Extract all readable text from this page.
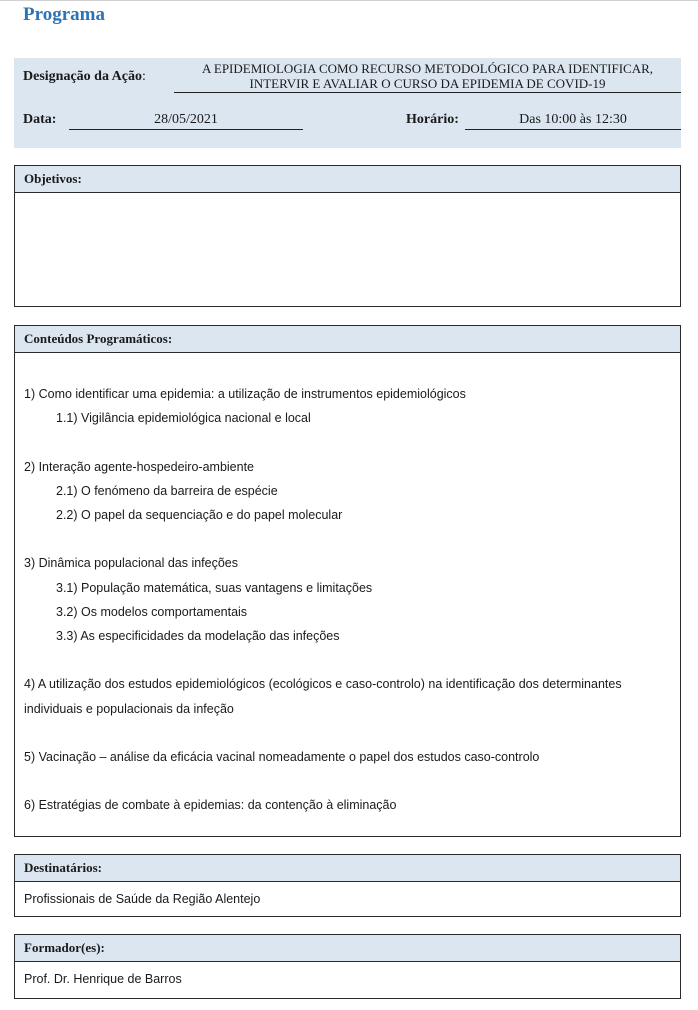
Programa
Designação da Ação:
A EPIDEMIOLOGIA COMO RECURSO METODOLÓGICO PARA IDENTIFICAR,
INTERVIR E AVALIAR O CURSO DA EPIDEMIA DE COVID-19
Data:	28/05/2021	Horário:	Das 10:00 às 12:30
Objetivos:
Conteúdos Programáticos:
1) Como identificar uma epidemia: a utilização de instrumentos epidemiológicos
1.1) Vigilância epidemiológica nacional e local
2) Interação agente-hospedeiro-ambiente
2.1) O fenómeno da barreira de espécie
2.2) O papel da sequenciação e do papel molecular
3) Dinâmica populacional das infeções
3.1) População matemática, suas vantagens e limitações
3.2) Os modelos comportamentais
3.3) As especificidades da modelação das infeções
4) A utilização dos estudos epidemiológicos (ecológicos e caso-controlo) na identificação dos determinantes individuais e populacionais da infeção
5) Vacinação – análise da eficácia vacinal nomeadamente o papel dos estudos caso-controlo
6) Estratégias de combate à epidemias: da contenção à eliminação
Destinatários:
Profissionais de Saúde da Região Alentejo
Formador(es):
Prof. Dr. Henrique de Barros
